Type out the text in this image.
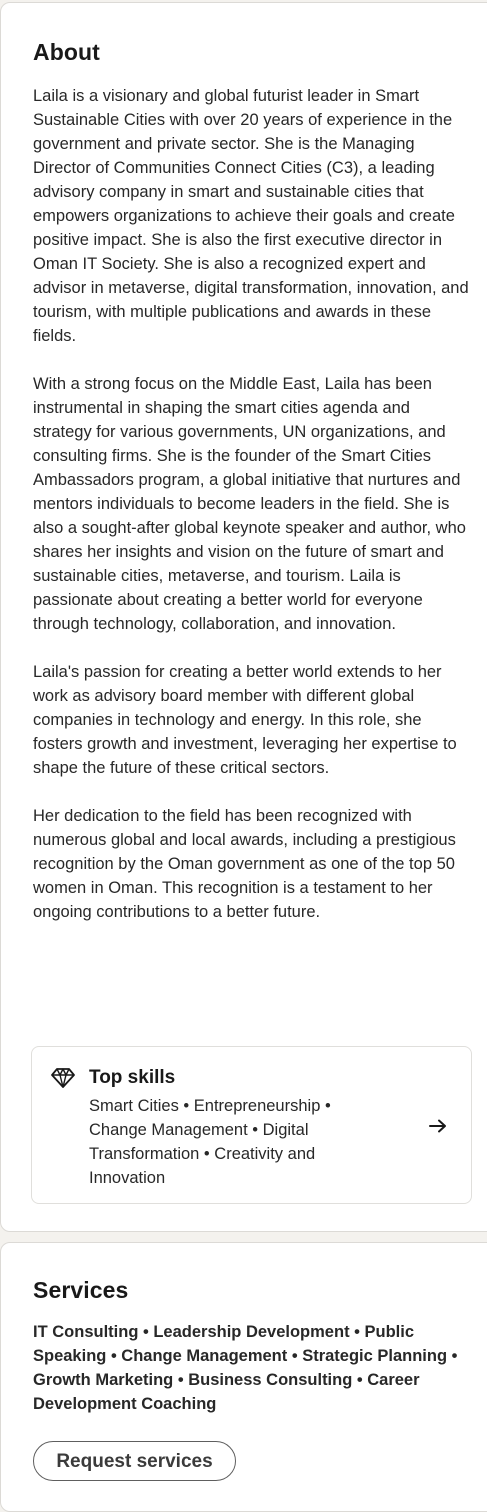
About

Laila is a visionary and global futurist leader in Smart Sustainable Cities with over 20 years of experience in the government and private sector. She is the Managing Director of Communities Connect Cities (C3), a leading advisory company in smart and sustainable cities that empowers organizations to achieve their goals and create positive impact. She is also the first executive director in Oman IT Society. She is also a recognized expert and advisor in metaverse, digital transformation, innovation, and tourism, with multiple publications and awards in these fields.

With a strong focus on the Middle East, Laila has been instrumental in shaping the smart cities agenda and strategy for various governments, UN organizations, and consulting firms. She is the founder of the Smart Cities Ambassadors program, a global initiative that nurtures and mentors individuals to become leaders in the field. She is also a sought-after global keynote speaker and author, who shares her insights and vision on the future of smart and sustainable cities, metaverse, and tourism. Laila is passionate about creating a better world for everyone through technology, collaboration, and innovation.

Laila's passion for creating a better world extends to her work as advisory board member with different global companies in technology and energy. In this role, she fosters growth and investment, leveraging her expertise to shape the future of these critical sectors.

Her dedication to the field has been recognized with numerous global and local awards, including a prestigious recognition by the Oman government as one of the top 50 women in Oman. This recognition is a testament to her ongoing contributions to a better future.

Top skills
Smart Cities • Entrepreneurship • Change Management • Digital Transformation • Creativity and Innovation
Services
IT Consulting • Leadership Development • Public Speaking • Change Management • Strategic Planning • Growth Marketing • Business Consulting • Career Development Coaching
Request services
